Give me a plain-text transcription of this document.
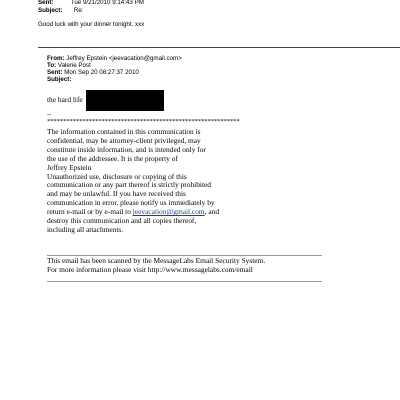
Sent:	Tue 9/21/2010 9:14:43 PM
Subject: Re:
Good luck with your dinner tonight. xxx
From: Jeffrey Epstein <jeevacation@gmail.com>
To: Valerie Post
Sent: Mon Sep 20 08:27:37 2010
Subject:
the hard life
--
************************************************************
The information contained in this communication is
confidential, may be attorney-client privileged, may
constitute inside information, and is intended only for
the use of the addressee. It is the property of
Jeffrey Epstein
Unauthorized use, disclosure or copying of this
communication or any part thereof is strictly prohibited
and may be unlawful. If you have received this
communication in error, please notify us immediately by
return e-mail or by e-mail to jeevacation@gmail.com, and
destroy this communication and all copies thereof,
including all attachments.
This email has been scanned by the MessageLabs Email Security System.
For more information please visit http://www.messagelabs.com/email
